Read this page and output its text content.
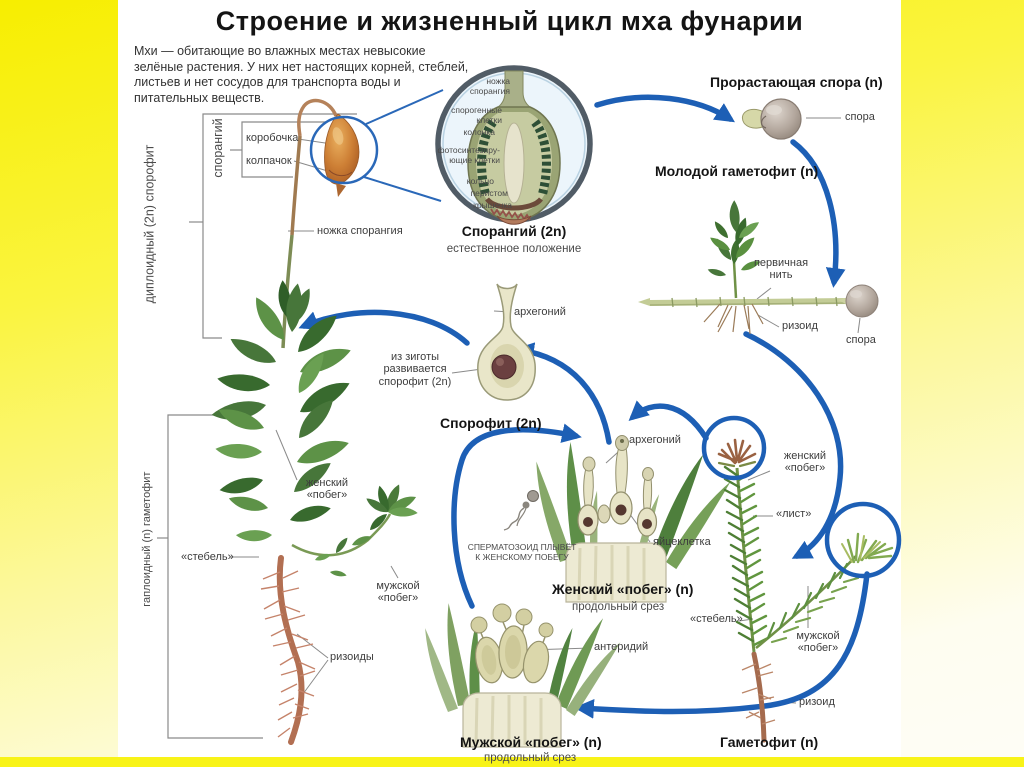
Строение и жизненный цикл мха фунарии
Мхи — обитающие во влажных местах невысокие зелёные растения. У них нет настоящих корней, стеблей, листьев и нет сосудов для транспорта воды и питательных веществ.
диплоидный (2n) спорофит	спорангий коробочка
колпачок
ножка спорангия
гаплоидный (n) гаметофит	женский «побег»
«стебель»
мужской «побег»
ризоиды
ножка
спорангия
спорогенные клетки
колонка
фотосинтезиру-
ющие клетки
кольцо
перистом
крышечка
Спорангий (2n)
естественное положение
Прорастающая спора (n)
спора
Молодой гаметофит (n)
первичная нить
ризоид
спора
архегоний
из зиготы развивается спорофит (2n)
Спорофит (2n)
архегоний
яйцеклетка
СПЕРМАТОЗОИД ПЛЫВЁТ К ЖЕНСКОМУ ПОБЕГУ
Женский «побег» (n)
продольный срез
антеридий
Мужской «побег» (n)
продольный срез
женский «побег»
«лист»
«стебель»
мужской «побег»
ризоид
Гаметофит (n)
